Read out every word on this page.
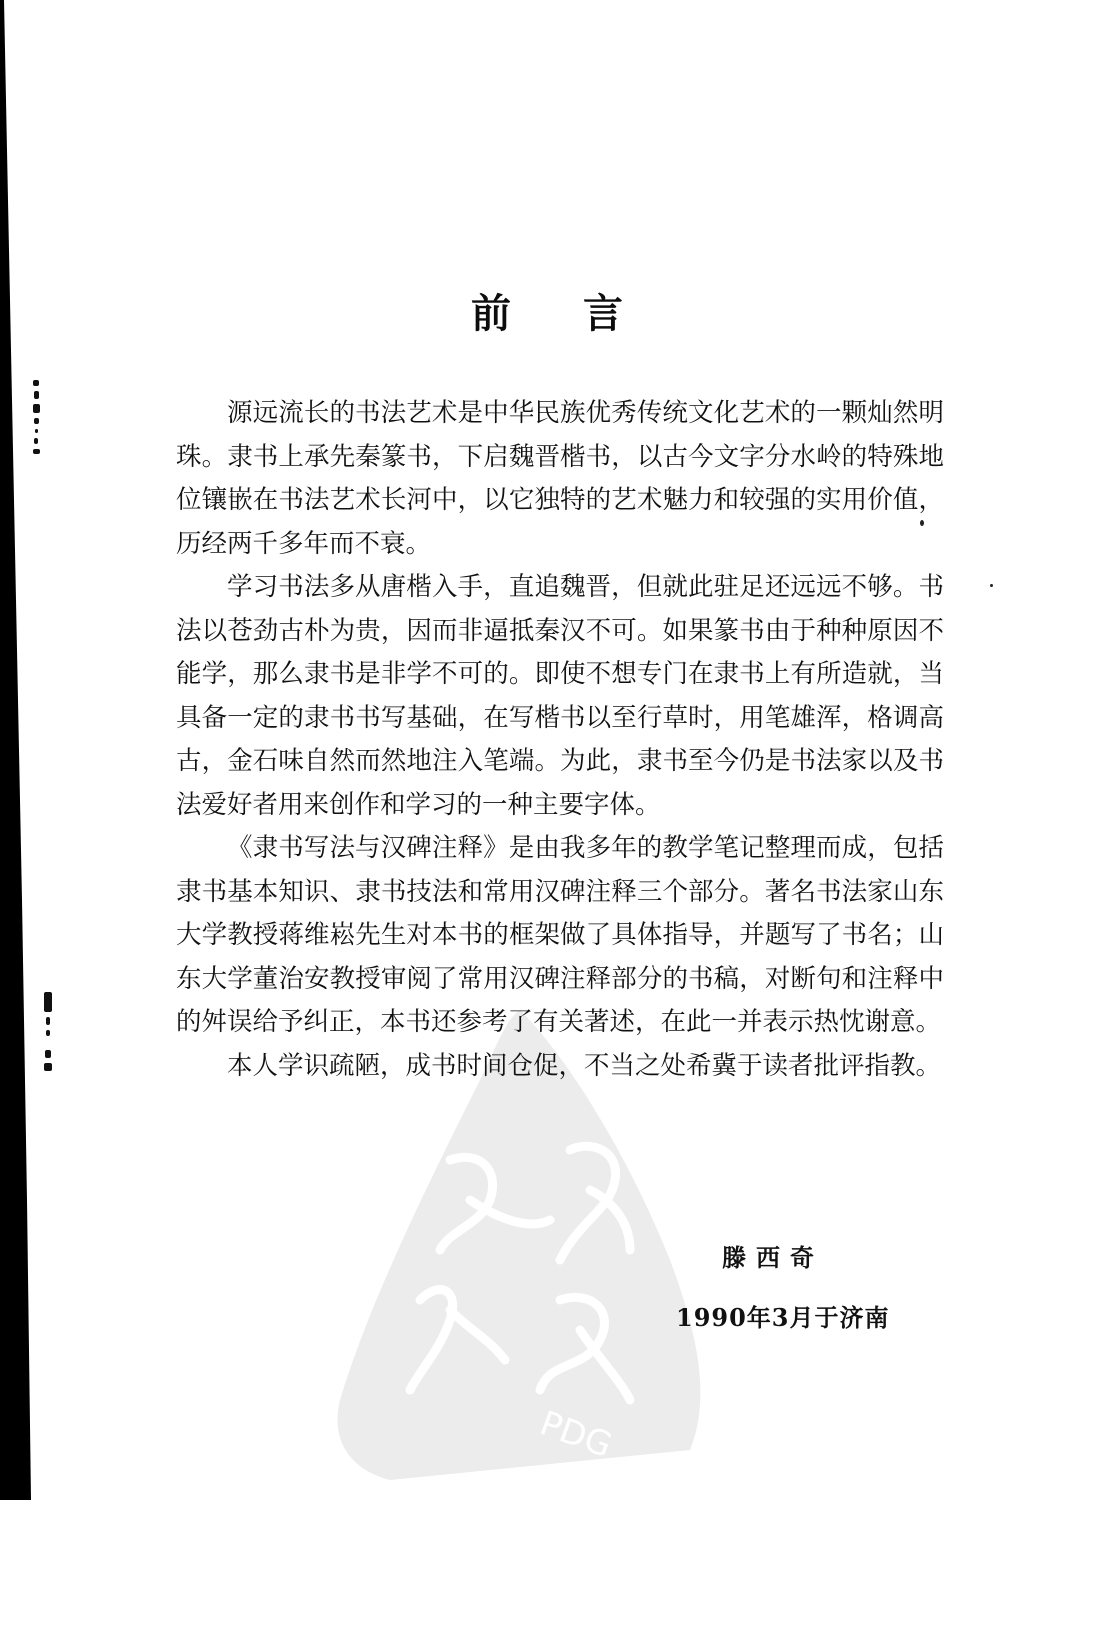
PDG
前言

源远流长的书法艺术是中华民族优秀传统文化艺术的一颗灿然明珠。隶书上承先秦篆书，下启魏晋楷书，以古今文字分水岭的特殊地位镶嵌在书法艺术长河中，以它独特的艺术魅力和较强的实用价值，历经两千多年而不衰。

学习书法多从唐楷入手，直追魏晋，但就此驻足还远远不够。书法以苍劲古朴为贵，因而非逼抵秦汉不可。如果篆书由于种种原因不能学，那么隶书是非学不可的。即使不想专门在隶书上有所造就，当具备一定的隶书书写基础，在写楷书以至行草时，用笔雄浑，格调高古，金石味自然而然地注入笔端。为此，隶书至今仍是书法家以及书法爱好者用来创作和学习的一种主要字体。

《隶书写法与汉碑注释》是由我多年的教学笔记整理而成，包括隶书基本知识、隶书技法和常用汉碑注释三个部分。著名书法家山东大学教授蒋维崧先生对本书的框架做了具体指导，并题写了书名；山东大学董治安教授审阅了常用汉碑注释部分的书稿，对断句和注释中的舛误给予纠正，本书还参考了有关著述，在此一并表示热忱谢意。

本人学识疏陋，成书时间仓促，不当之处希冀于读者批评指教。

滕西奇
1990年3月于济南
